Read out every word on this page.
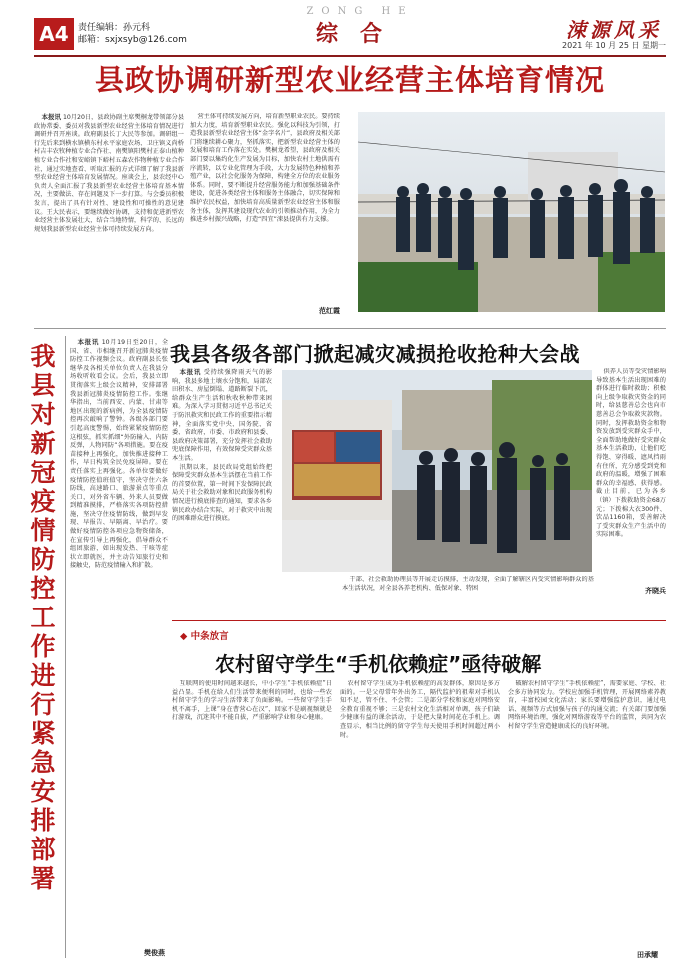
A4	责任编辑：孙元科
邮箱：sxjxsyb@126.com
ZONG HE
综合	涑源风采
2021 年 10 月 25 日 星期一
县政协调研新型农业经营主体培育情况

本报讯 10月20日，县政协副主席樊桐龙带领部分县政协常委、委员对我县新型农业经营主体培育情况进行调研并召开座谈。政府副县长丁大民等参加。调研组一行先后来到横水镇横东村永平家庭农场、卫庄镇义尚桥村吉丰农牧种植专业合作社、南樊镇阳樊村正泰山植种植专业合作社和安峪镇下峪村五森农作物种植专业合作社，通过实地查看、听取汇报的方式详细了解了我县新型农业经营主体培育发展情况。座谈会上，县农经中心负责人全面汇报了我县新型农业经营主体培育基本情况，主要做法、存在问题及下一步打算。与会委员积极发言，提出了具有针对性、建设性和可操性的意见建议。王大民表示，要继续做好协调，支持和促进新型农业经营主体发展壮大，结合当地特情，科学的、长远的规划我县新型农业经营主体可持续发展方向。

营主体可持续发展方向，培育新型职业农民。要持续加大力度，培育新型职业农民。强化以科技为引领，打造我县新型农业经营主体“金字名片”，县政府及相关部门将继续耕心聚力，坚抓落实，把新型农业经营主体的发展和培育工作落在实处。樊桐龙希望，县政府及相关部门要以集约化生产发展为目标，加快农村土地供需有序流转，以专业化管理为手段，大力发展特色种植和养殖产业，以社会化服务为保障，构建全方位的农业服务体系。同时，要不断提升经营服务能力和加强基础条件建设，促进各类经营主体和服务主体融合，切实保障和维护农民权益，加快培育高质量新型农业经营主体和服务主体，发挥其建设现代农业的引领推动作用，为全力推进乡村振兴战略，打造“四宜”涑县提供有力支撑。

范红霞
我县对新冠疫情防控工作进行紧急安排部署

本报讯 10月19日至20日，全国、省、市相继召开新冠肺炎疫情防控工作视频会议。政府副县长张继华及各相关单位负责人在我县分场收听收看会议。会后，我县立即贯彻落实上级会议精神，安排部署我县新冠肺炎疫情防控工作。张继华指出，当前西安、内蒙、甘肃等地区出现的新病例，为全县疫情防控再次敲响了警钟。各级各部门要引起高度警惕，始终紧紧疫情防控这根弦，抓实抓细“外防输入、内防反弹，人物同防”各项措施。要在疫苗接种上再强化，加快推进接种工作，早日构筑全民免疫屏障。要在责任落实上再强化。各单位要做好疫情防控值班值守，坚决守住六条防线，高速路口、旅游景点等重点关口，对外省车辆、外来人员要做到精准摸排，严格落实各项防控措施，坚决守住疫情防线，做到早发现、早报告、早隔离、早治疗。要做好疫情防控各项应急物资储备，在宣传引导上再强化，倡导群众不组团旅游，如出现发热、干咳等症状立即就医，并主动告知旅行史和接触史，防范疫情输入和扩散。

樊俊燕
我县各级各部门掀起减灾减损抢收抢种大会战

本报讯 受持续强降雨天气的影响，我县多地土壤水分饱和，局部农田积水、房屋倒塌、道路断裂下沉，给群众生产生活和秋收秋种带来困难。为深入学习贯彻习近平总书记关于防汛救灾和民政工作的重要指示精神，全面落实党中央、国务院、省委、省政府，市委、市政府和县委、县政府决策部署，充分发挥社会救助兜底保障作用，有效保障受灾群众基本生活。

汛期以来，县民政局党组始终把保障受灾群众基本生活摆在当前工作的首要位置，第一时间下发保障民政局关于社会救助对象和民政服务机构情况进行摸底排查的通知，要求各乡镇民政办结合实际，对于救灾中出现的困难群众进行摸底。

干部、社会救助协理员等开展走访摸排，主动发现，全面了解辖区内受灾情影响群众的基本生活状况，对全县各养老机构、低保对象、特困

供养人员等受灾情影响导致基本生活出现困难的群体进行临时救助；积极向上级争取救灾资金的同时，给县慈善总会也向市慈善总会争取救灾款物。同时，发挥救助资金和物资发放到受灾群众手中，全面帮助地做好受灾群众基本生活救助，让他们吃得饱、穿得暖、遮风挡雨有住所，充分感受到党和政府的温暖，增强了困难群众的幸福感、获得感。截止目前，已为各乡（镇）下拨救助资金68万元；下拨棉大衣300件、饮品1160箱，妥善解决了受灾群众生产生活中的实际困难。

齐晓兵
◆ 中条放言
农村留守学生“手机依赖症”亟待破解

互联网的使用时间越来越长，中小学生“手机依赖症”日益凸显。手机在给人们生活带来便利的同时，也给一些农村留守学生的学习生活带来了负面影响。一些留守学生手机不离手，上课“身在曹营心在汉”，回家不是刷视频就是打游戏，沉迷其中不能自拔，严重影响学业和身心健康。

农村留守学生成为手机依赖症的高发群体，原因是多方面的。一是父母常年外出务工，隔代监护的祖辈对手机认知不足，管不住、不会管；二是部分学校和家庭对网络安全教育重视不够；三是农村文化生活相对单调，孩子们缺少健康有益的课余活动，于是把大量时间花在手机上。调查显示，相当比例的留守学生每天使用手机时间超过两小时。

破解农村留守学生“手机依赖症”，需要家庭、学校、社会多方协同发力。学校应加强手机管理，开展网络素养教育，丰富校园文化活动；家长要增强监护意识，通过电话、视频等方式加强与孩子的沟通交流；有关部门要加强网络环境治理，强化对网络游戏等平台的监管，共同为农村留守学生营造健康成长的良好环境。

田承耀
